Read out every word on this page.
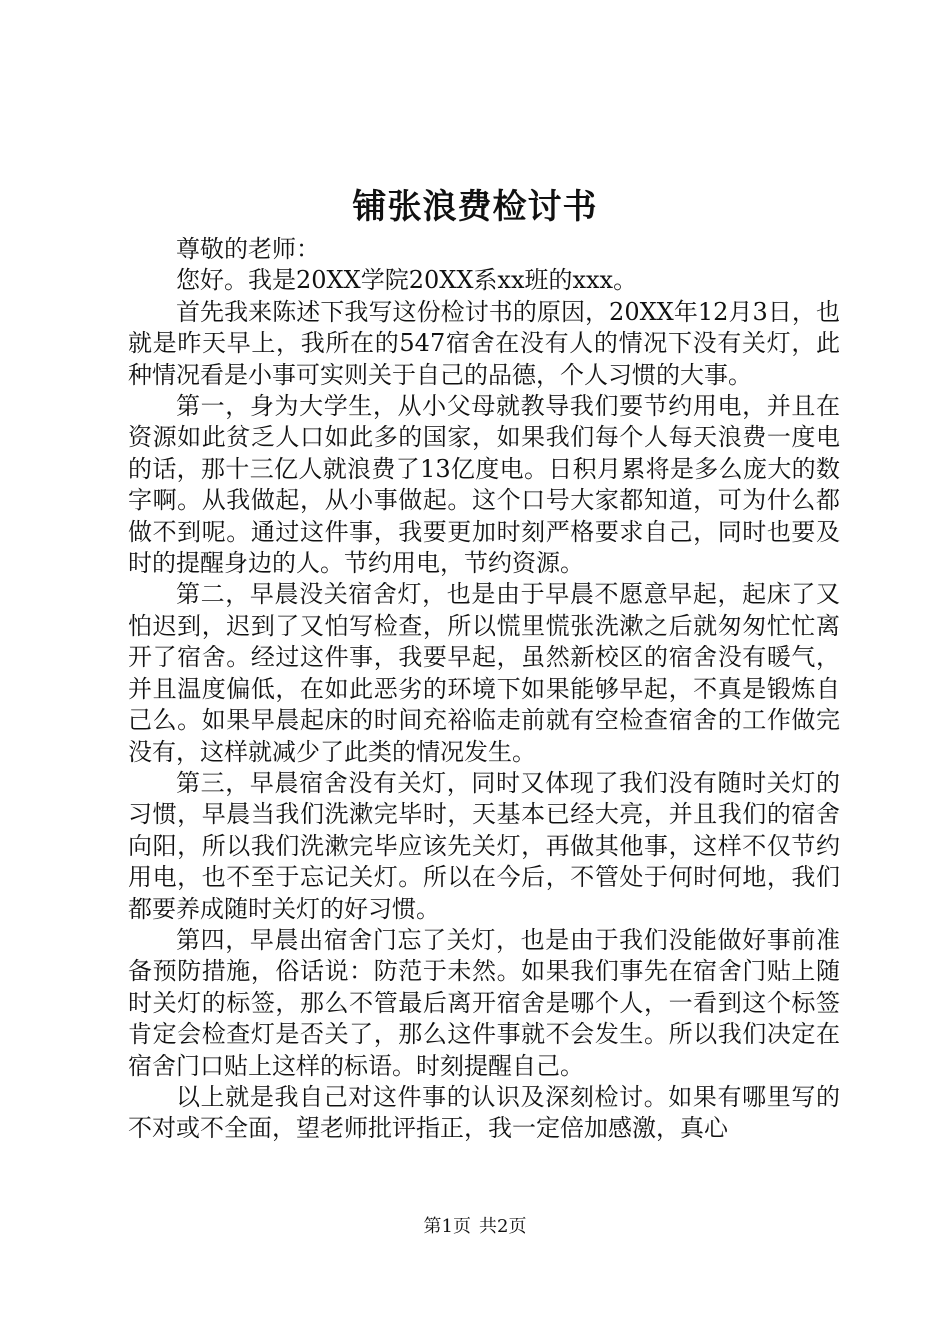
铺张浪费检讨书

尊敬的老师：

您好。我是20XX学院20XX系xx班的xxx。

首先我来陈述下我写这份检讨书的原因，20XX年12月3日，也就是昨天早上，我所在的547宿舍在没有人的情况下没有关灯，此种情况看是小事可实则关于自己的品德，个人习惯的大事。

第一，身为大学生，从小父母就教导我们要节约用电，并且在资源如此贫乏人口如此多的国家，如果我们每个人每天浪费一度电的话，那十三亿人就浪费了13亿度电。日积月累将是多么庞大的数字啊。从我做起，从小事做起。这个口号大家都知道，可为什么都做不到呢。通过这件事，我要更加时刻严格要求自己，同时也要及时的提醒身边的人。节约用电，节约资源。

第二，早晨没关宿舍灯，也是由于早晨不愿意早起，起床了又怕迟到，迟到了又怕写检查，所以慌里慌张洗漱之后就匆匆忙忙离开了宿舍。经过这件事，我要早起，虽然新校区的宿舍没有暖气，并且温度偏低，在如此恶劣的环境下如果能够早起，不真是锻炼自己么。如果早晨起床的时间充裕临走前就有空检查宿舍的工作做完没有，这样就减少了此类的情况发生。

第三，早晨宿舍没有关灯，同时又体现了我们没有随时关灯的习惯，早晨当我们洗漱完毕时，天基本已经大亮，并且我们的宿舍向阳，所以我们洗漱完毕应该先关灯，再做其他事，这样不仅节约用电，也不至于忘记关灯。所以在今后，不管处于何时何地，我们都要养成随时关灯的好习惯。

第四，早晨出宿舍门忘了关灯，也是由于我们没能做好事前准备预防措施，俗话说：防范于未然。如果我们事先在宿舍门贴上随时关灯的标签，那么不管最后离开宿舍是哪个人，一看到这个标签肯定会检查灯是否关了，那么这件事就不会发生。所以我们决定在宿舍门口贴上这样的标语。时刻提醒自己。

以上就是我自己对这件事的认识及深刻检讨。如果有哪里写的不对或不全面，望老师批评指正，我一定倍加感激，真心

第1页 共2页
